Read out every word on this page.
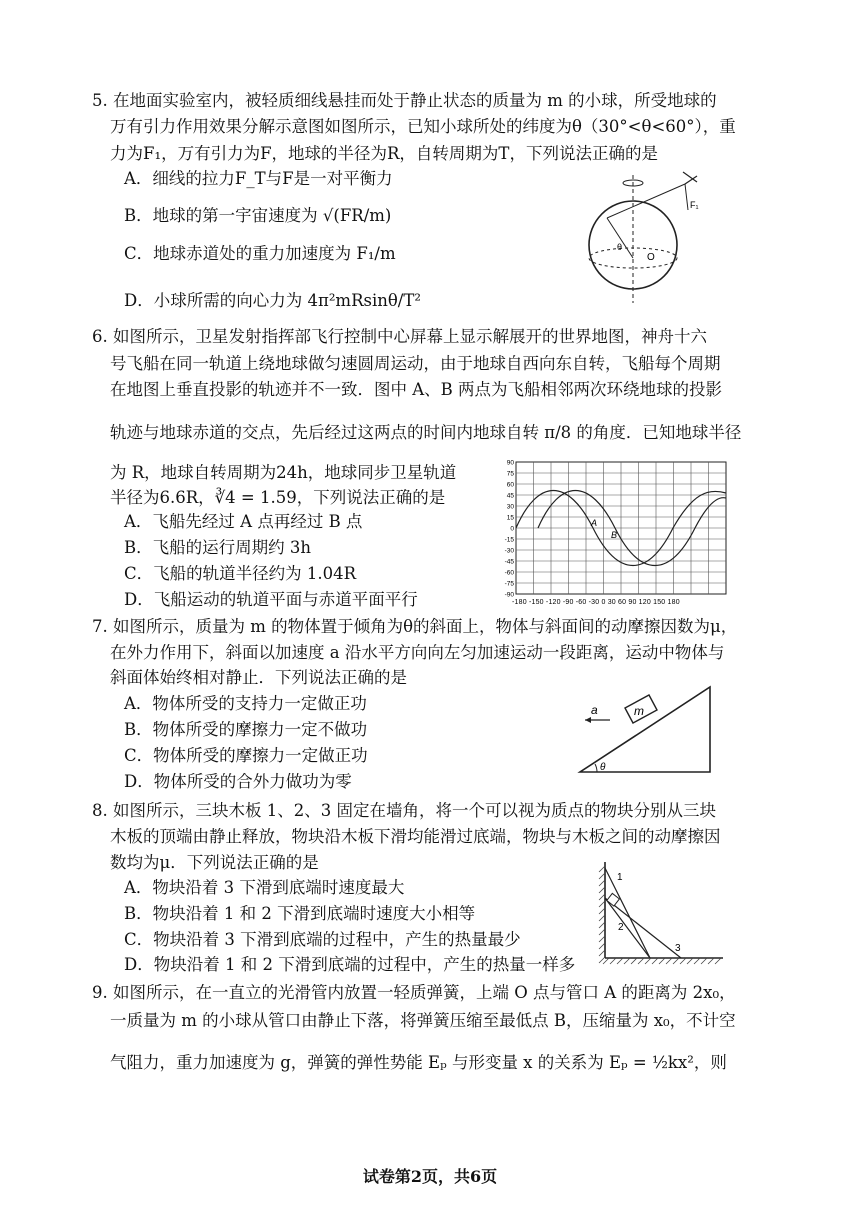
5. 在地面实验室内，被轻质细线悬挂而处于静止状态的质量为 m 的小球，所受地球的
万有引力作用效果分解示意图如图所示，已知小球所处的纬度为θ（30°<θ<60°），重
力为F₁，万有引力为F，地球的半径为R，自转周期为T，下列说法正确的是
A．细线的拉力F_T与F是一对平衡力
B．地球的第一宇宙速度为 √(FR/m)
C．地球赤道处的重力加速度为 F₁/m
D．小球所需的向心力为 4π²mRsinθ/T²
O
F₁
θ
6. 如图所示，卫星发射指挥部飞行控制中心屏幕上显示解展开的世界地图，神舟十六
号飞船在同一轨道上绕地球做匀速圆周运动，由于地球自西向东自转，飞船每个周期
在地图上垂直投影的轨迹并不一致．图中 A、B 两点为飞船相邻两次环绕地球的投影
轨迹与地球赤道的交点，先后经过这两点的时间内地球自转 π/8 的角度．已知地球半径
为 R，地球自转周期为24h，地球同步卫星轨道
半径为6.6R，∛4 = 1.59，下列说法正确的是
A．飞船先经过 A 点再经过 B 点
B．飞船的运行周期约 3h
C．飞船的轨道半径约为 1.04R
D．飞船运动的轨道平面与赤道平面平行
90
75
60
45
30
15
0
-15
-30
-45
-60
-75
-90
-180 -150 -120 -90 -60 -30 0 30 60 90 120 150 180
A
B
7. 如图所示，质量为 m 的物体置于倾角为θ的斜面上，物体与斜面间的动摩擦因数为μ，
在外力作用下，斜面以加速度 a 沿水平方向向左匀加速运动一段距离，运动中物体与
斜面体始终相对静止．下列说法正确的是
A．物体所受的支持力一定做正功
B．物体所受的摩擦力一定不做功
C．物体所受的摩擦力一定做正功
D．物体所受的合外力做功为零
m
a
θ
8. 如图所示，三块木板 1、2、3 固定在墙角，将一个可以视为质点的物块分别从三块
木板的顶端由静止释放，物块沿木板下滑均能滑过底端，物块与木板之间的动摩擦因
数均为μ．下列说法正确的是
A．物块沿着 3 下滑到底端时速度最大
B．物块沿着 1 和 2 下滑到底端时速度大小相等
C．物块沿着 3 下滑到底端的过程中，产生的热量最少
D．物块沿着 1 和 2 下滑到底端的过程中，产生的热量一样多
1
2
3
9. 如图所示，在一直立的光滑管内放置一轻质弹簧，上端 O 点与管口 A 的距离为 2x₀，
一质量为 m 的小球从管口由静止下落，将弹簧压缩至最低点 B，压缩量为 x₀，不计空
气阻力，重力加速度为 g，弹簧的弹性势能 Eₚ 与形变量 x 的关系为 Eₚ = ½kx²，则
试卷第2页，共6页
